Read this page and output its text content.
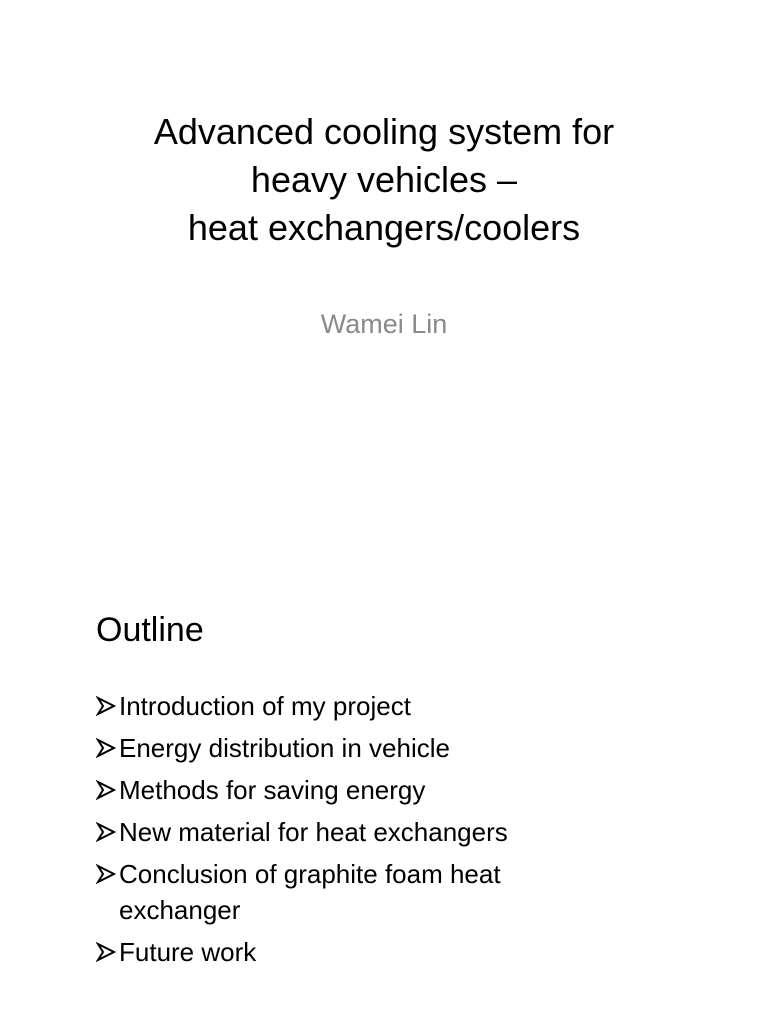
Advanced cooling system for
heavy vehicles –
heat exchangers/coolers
Wamei Lin
Outline
Introduction of my project
Energy distribution in vehicle
Methods for saving energy
New material for heat exchangers
Conclusion of graphite foam heat exchanger
Future work
